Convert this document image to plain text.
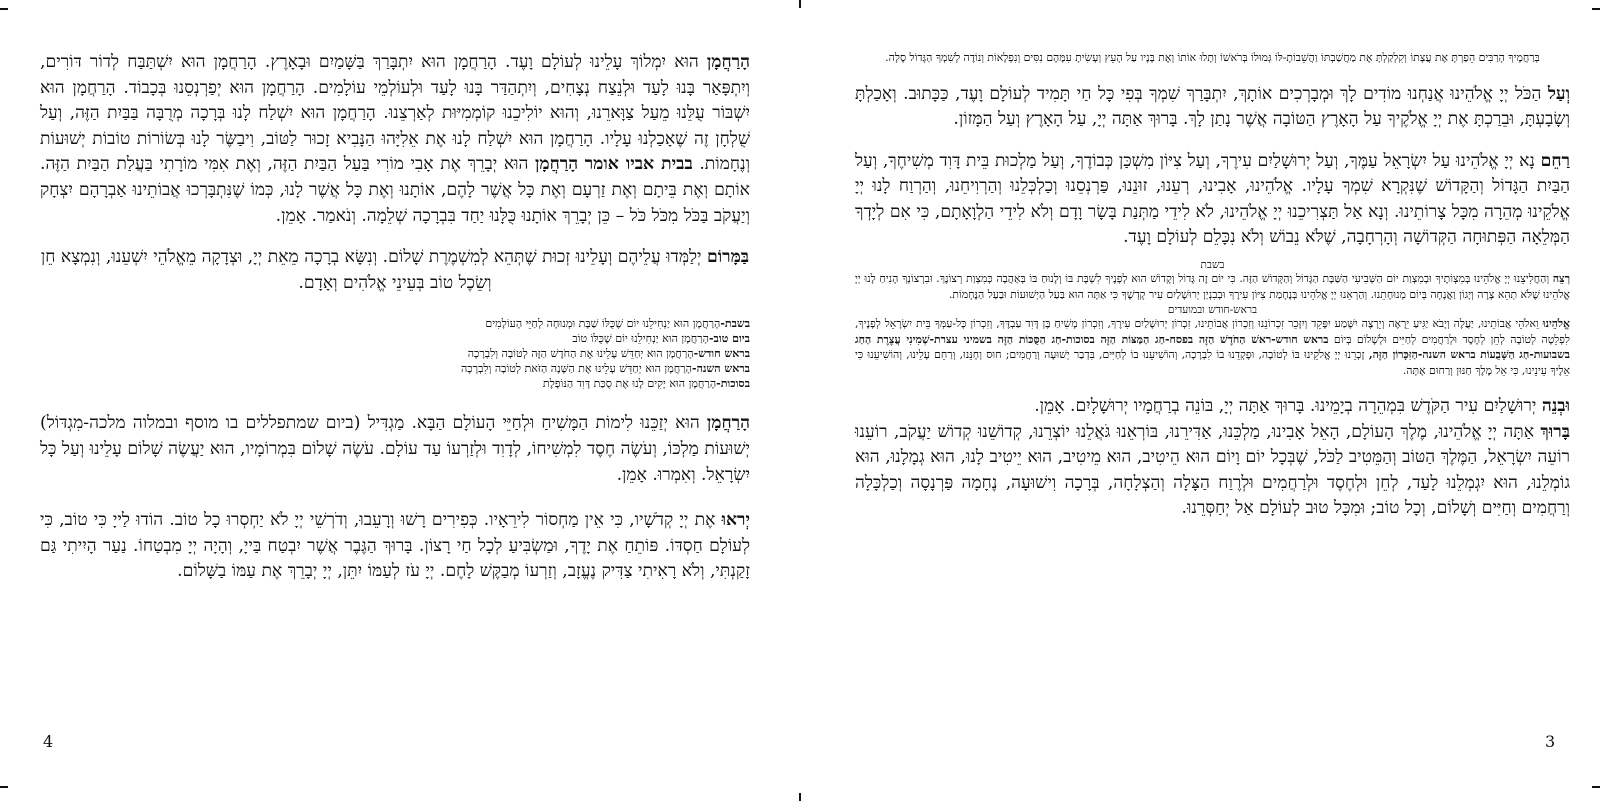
הָרַחֲמָן הוּא יִמְלוֹךְ עָלֵינוּ לְעוֹלָם וָעֶד. הָרַחֲמָן הוּא יִתְבָּרַךְ בַּשָּׁמַיִם וּבָאָרֶץ. הָרַחֲמָן הוּא יִשְׁתַּבַּח לְדוֹר דּוֹרִים, וְיִתְפָּאַר בָּנוּ לָעַד וּלְנֵצַח נְצָחִים, וְיִתְהַדַּר בָּנוּ לָעַד וּלְעוֹלְמֵי עוֹלָמִים. הָרַחֲמָן הוּא יְפַרְנְסֵנוּ בְּכָבוֹד. הָרַחֲמָן הוּא יִשְׁבּוֹר עֻלֵּנוּ מֵעַל צַוָּארֵנוּ, וְהוּא יוֹלִיכֵנוּ קוֹמְמִיּוּת לְאַרְצֵנוּ. הָרַחֲמָן הוּא יִשְׁלַח לָנוּ בְּרָכָה מְרֻבָּה בַּבַּיִת הַזֶּה, וְעַל שֻׁלְחָן זֶה שֶׁאָכַלְנוּ עָלָיו. הָרַחֲמָן הוּא יִשְׁלַח לָנוּ אֶת אֵלִיָּהוּ הַנָּבִיא זָכוּר לַטּוֹב, וִיבַשֶּׂר לָנוּ בְּשׂוֹרוֹת טוֹבוֹת יְשׁוּעוֹת וְנֶחָמוֹת. בבית אביו אומר הָרַחֲמָן הוּא יְבָרֵךְ אֶת אָבִי מוֹרִי בַּעַל הַבַּיִת הַזֶּה, וְאֶת אִמִּי מוֹרָתִי בַּעֲלַת הַבַּיִת הַזֶּה. אוֹתָם וְאֶת בֵּיתָם וְאֶת זַרְעָם וְאֶת כָּל אֲשֶׁר לָהֶם, אוֹתָנוּ וְאֶת כָּל אֲשֶׁר לָנוּ, כְּמוֹ שֶׁנִּתְבָּרְכוּ אֲבוֹתֵינוּ אַבְרָהָם יִצְחָק וְיַעֲקֹב בַּכֹּל מִכֹּל כֹּל – כֵּן יְבָרֵךְ אוֹתָנוּ כֻּלָּנוּ יַחַד בִּבְרָכָה שְׁלֵמָה. וְנֹאמַר. אָמֵן.

בַּמָּרוֹם יְלַמְּדוּ עֲלֵיהֶם וְעָלֵינוּ זְכוּת שֶׁתְּהֵא לְמִשְׁמֶרֶת שָׁלוֹם. וְנִשָּׂא בְרָכָה מֵאֵת יְיָ, וּצְדָקָה מֵאֱלֹהֵי יִשְׁעֵנוּ, וְנִמְצָא חֵן וְשֵׂכֶל טוֹב בְּעֵינֵי אֱלֹהִים וְאָדָם.

בשבת-הָרַחֲמָן הוּא יַנְחִילֵנוּ יוֹם שֶׁכֻּלּוֹ שַׁבָּת וּמְנוּחָה לְחַיֵּי הָעוֹלָמִים
ביום טוב-הָרַחֲמָן הוּא יַנְחִילֵנוּ יוֹם שֶׁכֻּלּוֹ טוֹב
בראש חודש-הָרַחֲמָן הוּא יְחַדֵּשׁ עָלֵינוּ אֶת הַחֹדֶשׁ הַזֶּה לְטוֹבָה וְלִבְרָכָה
בראש השנה-הָרַחֲמָן הוּא יְחַדֵּשׁ עָלֵינוּ אֶת הַשָּׁנָה הַזֹּאת לְטוֹבָה וְלִבְרָכָה
בסוכות-הָרַחֲמָן הוּא יָקִים לָנוּ אֶת סֻכַּת דָּוִד הַנּוֹפָלֶת

הָרַחֲמָן הוּא יְזַכֵּנוּ לִימוֹת הַמָּשִׁיחַ וּלְחַיֵּי הָעוֹלָם הַבָּא. מַגְדִּיל (ביום שמתפללים בו מוסף ובמלוה מלכה-מִגְדּוֹל) יְשׁוּעוֹת מַלְכּוֹ, וְעֹשֶׂה חֶסֶד לִמְשִׁיחוֹ, לְדָוִד וּלְזַרְעוֹ עַד עוֹלָם. עֹשֶׂה שָׁלוֹם בִּמְרוֹמָיו, הוּא יַעֲשֶׂה שָׁלוֹם עָלֵינוּ וְעַל כָּל יִשְׂרָאֵל. וְאִמְרוּ. אָמֵן.

יְראוּ אֶת יְיָ קְדֹשָׁיו, כִּי אֵין מַחְסוֹר לִירֵאָיו. כְּפִירִים רָשׁוּ וְרָעֵבוּ, וְדֹרְשֵׁי יְיָ לֹא יַחְסְרוּ כָל טוֹב. הוֹדוּ לַייָ כִּי טוֹב, כִּי לְעוֹלָם חַסְדּוֹ. פּוֹתֵחַ אֶת יָדֶךָ, וּמַשְׂבִּיעַ לְכָל חַי רָצוֹן. בָּרוּךְ הַגֶּבֶר אֲשֶׁר יִבְטַח בַּייָ, וְהָיָה יְיָ מִבְטַחוֹ. נַעַר הָיִיתִי גַּם זָקַנְתִּי, וְלֹא רָאִיתִי צַדִּיק נֶעֱזָב, וְזַרְעוֹ מְבַקֶּשׁ לָחֶם. יְיָ עֹז לְעַמּוֹ יִתֵּן, יְיָ יְבָרֵךְ אֶת עַמּוֹ בַשָּׁלוֹם.

4

בְּרַחֲמֶיךָ הָרַבִּים הֵפַרְתָּ אֶת עֲצָתוֹ וְקִלְקַלְתָּ אֶת מַחֲשַׁבְתּוֹ וַהֲשֵׁבוֹתָ-לּוֹ גְּמוּלוֹ בְּרֹאשׁוֹ וְתָלוּ אוֹתוֹ וְאֶת בָּנָיו עַל הָעֵץ וְעָשִׂיתָ עִמָּהֶם נִסִּים וְנִפְלָאוֹת וְנוֹדֶה לְשִׁמְךָ הַגָּדוֹל סֶלָה.

וְעַל הַכֹּל יְיָ אֱלֹהֵינוּ אֲנַחְנוּ מוֹדִים לָךְ וּמְבָרְכִים אוֹתָךְ, יִתְבָּרַךְ שִׁמְךָ בְּפִי כָּל חַי תָּמִיד לְעוֹלָם וָעֶד, כַּכָּתוּב. וְאָכַלְתָּ וְשָׂבָעְתָּ, וּבֵרַכְתָּ אֶת יְיָ אֱלֹקֶיךָ עַל הָאָרֶץ הַטּוֹבָה אֲשֶׁר נָתַן לָךְ. בָּרוּךְ אַתָּה יְיָ, עַל הָאָרֶץ וְעַל הַמָּזוֹן.

רַחֵם נָא יְיָ אֱלֹהֵינוּ עַל יִשְׂרָאֵל עַמֶּךָ, וְעַל יְרוּשָׁלַיִם עִירֶךָ, וְעַל צִיּוֹן מִשְׁכַּן כְּבוֹדֶךָ, וְעַל מַלְכוּת בֵּית דָּוִד מְשִׁיחֶךָ, וְעַל הַבַּיִת הַגָּדוֹל וְהַקָּדוֹשׁ שֶׁנִּקְרָא שִׁמְךָ עָלָיו. אֱלֹהֵינוּ, אָבִינוּ, רְעֵנוּ, זוּנֵנוּ, פַּרְנְסֵנוּ וְכַלְכְּלֵנוּ וְהַרְוִיחֵנוּ, וְהַרְוַח לָנוּ יְיָ אֱלֹקֵינוּ מְהֵרָה מִכָּל צָרוֹתֵינוּ. וְנָא אַל תַּצְרִיכֵנוּ יְיָ אֱלֹהֵינוּ, לֹא לִידֵי מַתְּנַת בָּשָׂר וָדָם וְלֹא לִידֵי הַלְוָאָתָם, כִּי אִם לְיָדְךָ הַמְּלֵאָה הַפְּתוּחָה הַקְּדוֹשָׁה וְהָרְחָבָה, שֶׁלֹּא נֵבוֹשׁ וְלֹא נִכָּלֵם לְעוֹלָם וָעֶד.

בשבת

רְצֵה וְהַחֲלִיצֵנוּ יְיָ אֱלֹהֵינוּ בְּמִצְוֹתֶיךָ וּבְמִצְוַת יוֹם הַשְּׁבִיעִי הַשַּׁבָּת הַגָּדוֹל וְהַקָּדוֹשׁ הַזֶּה. כִּי יוֹם זֶה גָּדוֹל וְקָדוֹשׁ הוּא לְפָנֶיךָ לִשְׁבָּת בּוֹ וְלָנוּחַ בּוֹ בְּאַהֲבָה כְּמִצְוַת רְצוֹנֶךָ. וּבִרְצוֹנְךָ הָנִיחַ לָנוּ יְיָ אֱלֹהֵינוּ שֶׁלֹּא תְהֵא צָרָה וְיָגוֹן וַאֲנָחָה בְּיוֹם מְנוּחָתֵנוּ. וְהַרְאֵנוּ יְיָ אֱלֹהֵינוּ בְּנֶחָמַת צִיּוֹן עִירֶךָ וּבְבִנְיַן יְרוּשָׁלַיִם עִיר קָדְשֶׁךָ כִּי אַתָּה הוּא בַּעַל הַיְשׁוּעוֹת וּבַעַל הַנֶּחָמוֹת.

בראש-חודש ובמועדים

אֱלֹהֵינוּ וֵאלֹהֵי אֲבוֹתֵינוּ, יַעֲלֶה וְיָבֹא יַגִּיעַ יֵרָאֶה וְיֵרָצֶה יִשָּׁמַע יִפָּקֵד וְיִזָּכֵר זִכְרוֹנֵנוּ וְזִכְרוֹן אֲבוֹתֵינוּ, זִכְרוֹן יְרוּשָׁלַיִם עִירֶךָ, וְזִכְרוֹן מָשִׁיחַ בֶּן דָּוִד עַבְדֶּךָ, וְזִכְרוֹן כָּל-עַמְּךָ בֵּית יִשְׂרָאֵל לְפָנֶיךָ, לִפְלֵטָה לְטוֹבָה לְחֵן לְחֶסֶד וּלְרַחֲמִים לְחַיִּים וּלְשָׁלוֹם בְּיוֹם בראש חודש-ראשׁ הַחֹדֶשׁ הַזֶּה בפסח-חַג הַמַּצּוֹת הַזֶּה בסוכות-חַג הַסֻּכּוֹת הַזֶּה בשמיני עצרת-שְׁמִינִי עֲצֶרֶת הַחַג בשבועות-חַג הַשָּׁבֻעוֹת בראש השנה-הַזִּכָּרוֹן הַזֶּה, זָכְרֵנוּ יְיָ אֱלֹקֵינוּ בּוֹ לְטוֹבָה, וּפָקְדֵנוּ בוֹ לִבְרָכָה, וְהוֹשִׁיעֵנוּ בוֹ לְחַיִּים, בִּדְבַר יְשׁוּעָה וְרַחֲמִים; חוּס וְחָנֵּנוּ, וְרַחֵם עָלֵינוּ, וְהוֹשִׁיעֵנוּ כִּי אֵלֶיךָ עֵינֵינוּ, כִּי אֵל מֶלֶךְ חַנּוּן וְרַחוּם אָתָּה.

וּבְנֵה יְרוּשָׁלַיִם עִיר הַקֹּדֶשׁ בִּמְהֵרָה בְיָמֵינוּ. בָּרוּךְ אַתָּה יְיָ, בּוֹנֵה בְרַחֲמָיו יְרוּשָׁלָיִם. אָמֵן.

בָּרוּךְ אַתָּה יְיָ אֱלֹהֵינוּ, מֶלֶךְ הָעוֹלָם, הָאֵל אָבִינוּ, מַלְכֵּנוּ, אַדִּירֵנוּ, בּוֹרְאֵנוּ גֹּאֲלֵנוּ יוֹצְרֵנוּ, קְדוֹשֵׁנוּ קְדוֹשׁ יַעֲקֹב, רוֹעֵנוּ רוֹעֵה יִשְׂרָאֵל, הַמֶּלֶךְ הַטּוֹב וְהַמֵּטִיב לַכֹּל, שֶׁבְּכָל יוֹם וָיוֹם הוּא הֵיטִיב, הוּא מֵיטִיב, הוּא יֵיטִיב לָנוּ, הוּא גְמָלָנוּ, הוּא גוֹמְלֵנוּ, הוּא יִגְמְלֵנוּ לָעַד, לְחֵן וּלְחֶסֶד וּלְרַחֲמִים וּלְרֶוַח הַצָּלָה וְהַצְלָחָה, בְּרָכָה וִישׁוּעָה, נֶחָמָה פַּרְנָסָה וְכַלְכָּלָה וְרַחֲמִים וְחַיִּים וְשָׁלוֹם, וְכָל טוֹב; וּמִכָּל טוּב לְעוֹלָם אַל יְחַסְּרֵנוּ.

3
